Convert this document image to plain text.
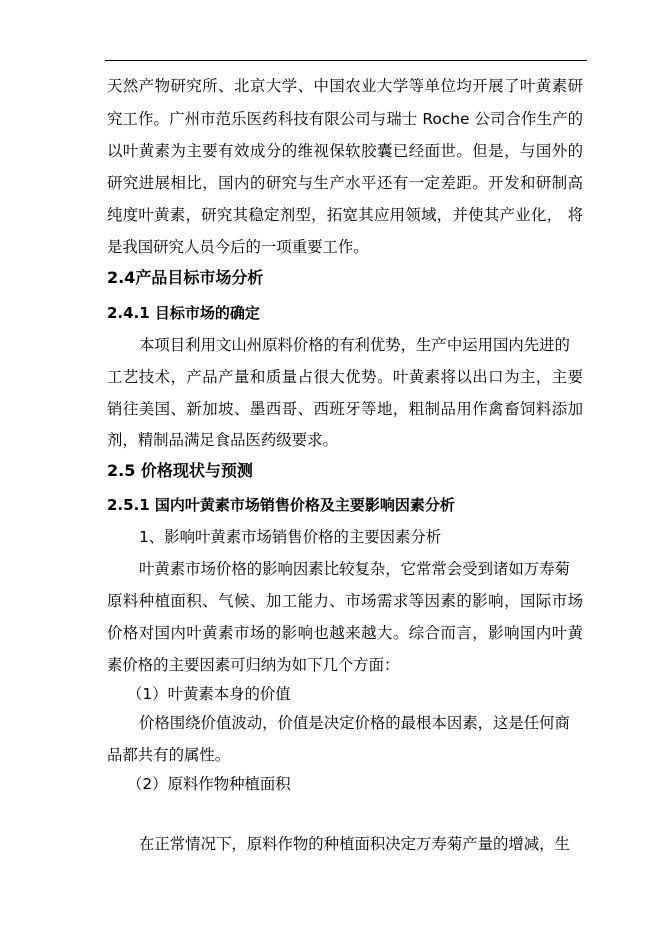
天然产物研究所、北京大学、中国农业大学等单位均开展了叶黄素研
究工作。广州市范乐医药科技有限公司与瑞士 Roche 公司合作生产的
以叶黄素为主要有效成分的维视保软胶囊已经面世。但是，与国外的
研究进展相比，国内的研究与生产水平还有一定差距。开发和研制高
纯度叶黄素，研究其稳定剂型，拓宽其应用领域，并使其产业化， 将
是我国研究人员今后的一项重要工作。
2.4产品目标市场分析
2.4.1 目标市场的确定
本项目利用文山州原料价格的有利优势，生产中运用国内先进的
工艺技术，产品产量和质量占很大优势。叶黄素将以出口为主，主要
销往美国、新加坡、墨西哥、西班牙等地，粗制品用作禽畜饲料添加
剂，精制品满足食品医药级要求。
2.5 价格现状与预测
2.5.1 国内叶黄素市场销售价格及主要影响因素分析
1、影响叶黄素市场销售价格的主要因素分析
叶黄素市场价格的影响因素比较复杂，它常常会受到诸如万寿菊
原料种植面积、气候、加工能力、市场需求等因素的影响，国际市场
价格对国内叶黄素市场的影响也越来越大。综合而言，影响国内叶黄
素价格的主要因素可归纳为如下几个方面：
（1）叶黄素本身的价值
价格围绕价值波动，价值是决定价格的最根本因素，这是任何商
品都共有的属性。
（2）原料作物种植面积
在正常情况下，原料作物的种植面积决定万寿菊产量的增减，生
